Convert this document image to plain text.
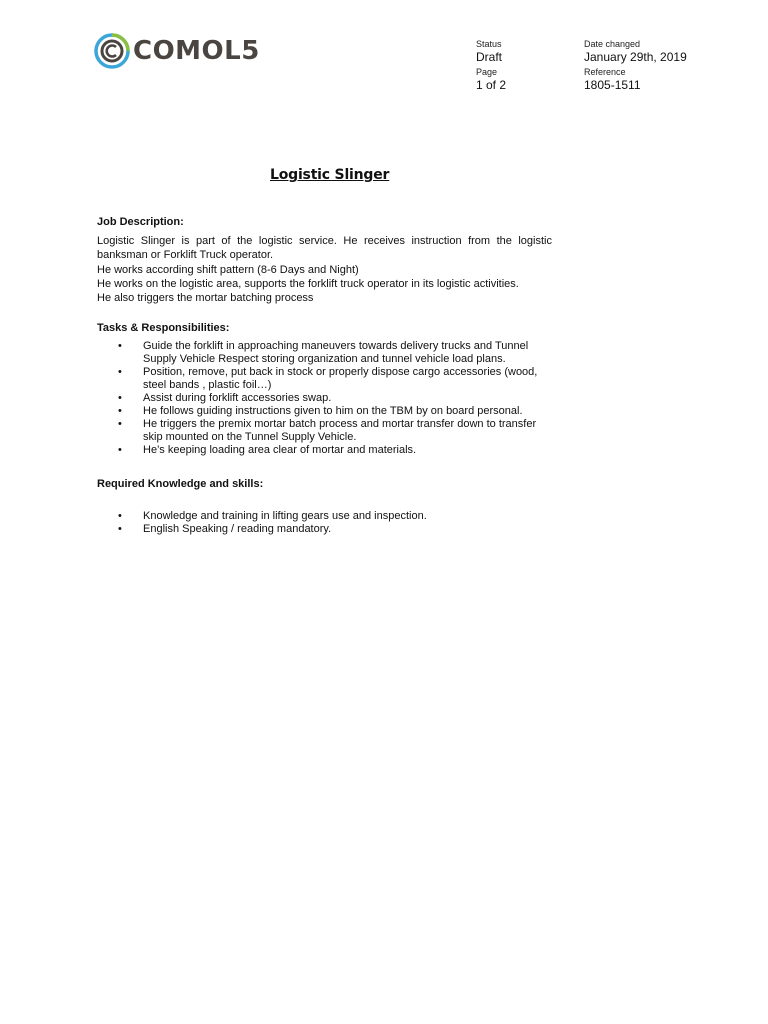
COMOL5	Status
Draft
Date changed
January 29th, 2019
Page
1 of 2
Reference
1805-1511
Logistic Slinger
Job Description:

Logistic Slinger is part of the logistic service. He receives instruction from the logistic banksman or Forklift Truck operator.

He works according shift pattern (8-6 Days and Night)

He works on the logistic area, supports the forklift truck operator in its logistic activities.

He also triggers the mortar batching process

Tasks & Responsibilities:
• Guide the forklift in approaching maneuvers towards delivery trucks and Tunnel Supply Vehicle Respect storing organization and tunnel vehicle load plans.
• Position, remove, put back in stock or properly dispose cargo accessories (wood, steel bands , plastic foil…)
• Assist during forklift accessories swap.
• He follows guiding instructions given to him on the TBM by on board personal.
• He triggers the premix mortar batch process and mortar transfer down to transfer skip mounted on the Tunnel Supply Vehicle.
• He’s keeping loading area clear of mortar and materials.
Required Knowledge and skills:
• Knowledge and training in lifting gears use and inspection.
• English Speaking / reading mandatory.
